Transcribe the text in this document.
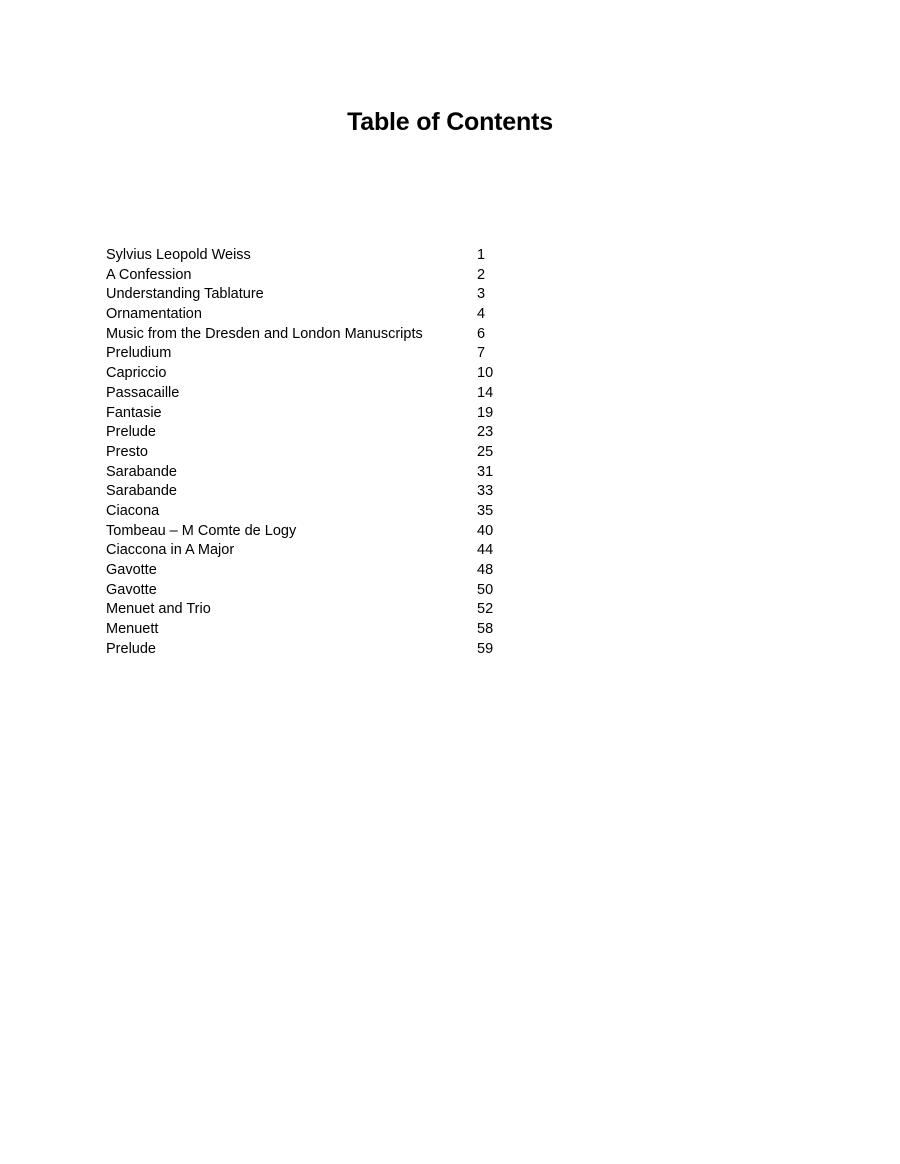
Table of Contents
Sylvius Leopold Weiss	1
A Confession	2
Understanding Tablature	3
Ornamentation	4
Music from the Dresden and London Manuscripts	6
Preludium	7
Capriccio	10
Passacaille	14
Fantasie	19
Prelude	23
Presto	25
Sarabande	31
Sarabande	33
Ciacona	35
Tombeau – M Comte de Logy	40
Ciaccona in A Major	44
Gavotte	48
Gavotte	50
Menuet and Trio	52
Menuett	58
Prelude	59
